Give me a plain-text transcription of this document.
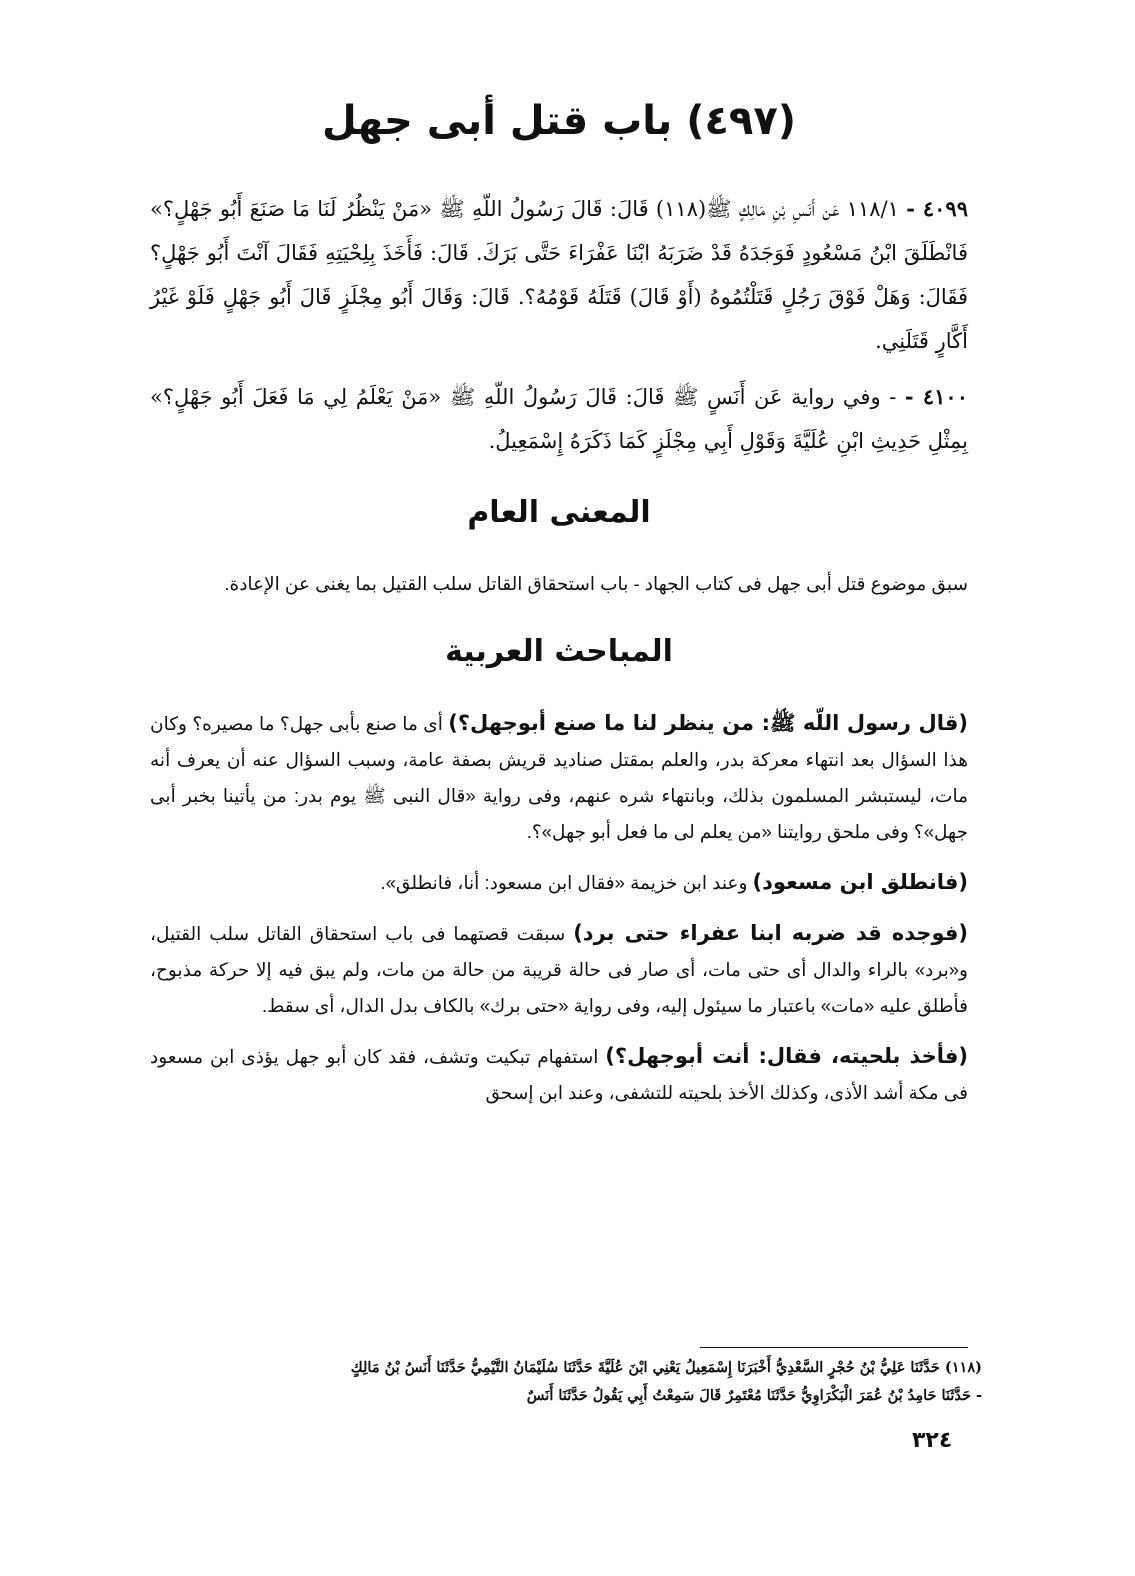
(٤٩٧) باب قتل أبى جهل

٤٠٩٩ - ١١٨/١ عَن أَنَسِ بْنِ مَالِكٍ ﷺ(١١٨) قَالَ: قَالَ رَسُولُ اللّهِ ﷺ «مَنْ يَنْظُرُ لَنَا مَا صَنَعَ أَبُو جَهْلٍ؟» فَانْطَلَقَ ابْنُ مَسْعُودٍ فَوَجَدَهُ قَدْ ضَرَبَهُ ابْنَا عَفْرَاءَ حَتَّى بَرَكَ. قَالَ: فَأَخَذَ بِلِحْيَتِهِ فَقَالَ آنْتَ أَبُو جَهْلٍ؟ فَقَالَ: وَهَلْ فَوْقَ رَجُلٍ قَتَلْتُمُوهُ (أَوْ قَالَ) قَتَلَهُ قَوْمُهُ؟. قَالَ: وَقَالَ أَبُو مِجْلَزٍ قَالَ أَبُو جَهْلٍ فَلَوْ غَيْرُ أَكَّارٍ قَتَلَنِي.

٤١٠٠ - - وفي رواية عَن أَنَسٍ ﷺ قَالَ: قَالَ رَسُولُ اللّهِ ﷺ «مَنْ يَعْلَمُ لِي مَا فَعَلَ أَبُو جَهْلٍ؟» بِمِثْلِ حَدِيثِ ابْنِ عُلَيَّةَ وَقَوْلِ أَبِي مِجْلَزٍ كَمَا ذَكَرَهُ إِسْمَعِيلُ.

المعنى العام

سبق موضوع قتل أبى جهل فى كتاب الجهاد - باب استحقاق القاتل سلب القتيل بما يغنى عن الإعادة.

المباحث العربية

(قال رسول اللّه ﷺ: من ينظر لنا ما صنع أبوجهل؟) أى ما صنع بأبى جهل؟ ما مصيره؟ وكان هذا السؤال بعد انتهاء معركة بدر، والعلم بمقتل صناديد قريش بصفة عامة، وسبب السؤال عنه أن يعرف أنه مات، ليستبشر المسلمون بذلك، وبانتهاء شره عنهم، وفى رواية «قال النبى ﷺ يوم بدر: من يأتينا بخبر أبى جهل»؟ وفى ملحق روايتنا «من يعلم لى ما فعل أبو جهل»؟.

(فانطلق ابن مسعود) وعند ابن خزيمة «فقال ابن مسعود: أنا، فانطلق».

(فوجده قد ضربه ابنا عفراء حتى برد) سبقت قصتهما فى باب استحقاق القاتل سلب القتيل، و«برد» بالراء والدال أى حتى مات، أى صار فى حالة قريبة من حالة من مات، ولم يبق فيه إلا حركة مذبوح، فأطلق عليه «مات» باعتبار ما سيئول إليه، وفى رواية «حتى برك» بالكاف بدل الدال، أى سقط.

(فأخذ بلحيته، فقال: أنت أبوجهل؟) استفهام تبكيت وتشف، فقد كان أبو جهل يؤذى ابن مسعود فى مكة أشد الأذى، وكذلك الأخذ بلحيته للتشفى، وعند ابن إسحق

(١١٨) حَدَّثَنَا عَلِيُّ بْنُ حُجْرٍ السَّعْدِيُّ أَخْبَرَنَا إِسْمَعِيلُ يَعْنِي ابْنَ عُلَيَّةَ حَدَّثَنَا سُلَيْمَانُ التَّيْمِيُّ حَدَّثَنَا أَنَسُ بْنُ مَالِكٍ

- حَدَّثَنَا حَامِدُ بْنُ عُمَرَ الْبَكْرَاوِيُّ حَدَّثَنَا مُعْتَمِرٌ قَالَ سَمِعْتُ أَبِي يَقُولُ حَدَّثَنَا أَنَسٌ

٣٢٤
